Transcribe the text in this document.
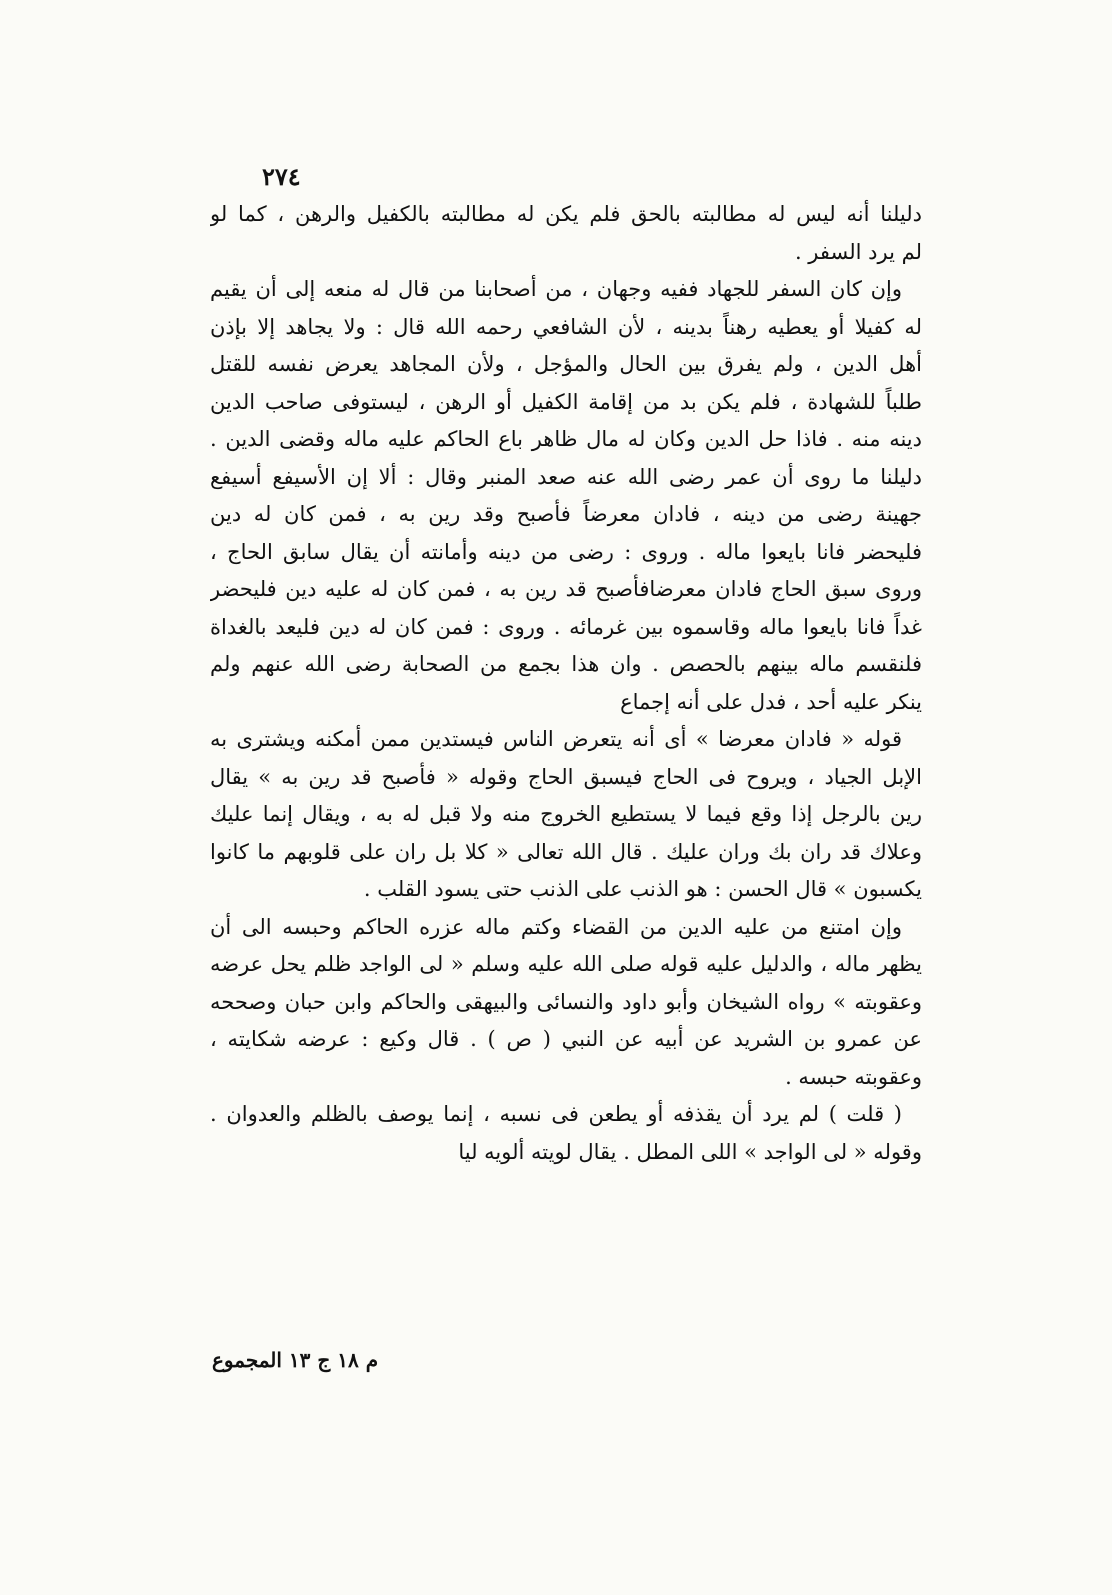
٢٧٤
دليلنا أنه ليس له مطالبته بالحق فلم يكن له مطالبته بالكفيل والرهن ، كما لو
لم يرد السفر .
وإن كان السفر للجهاد ففيه وجهان ، من أصحابنا من قال له منعه إلى أن يقيم
له كفيلا أو يعطيه رهناً بدينه ، لأن الشافعي رحمه الله قال : ولا يجاهد إلا بإذن
أهل الدين ، ولم يفرق بين الحال والمؤجل ، ولأن المجاهد يعرض نفسه للقتل
طلباً للشهادة ، فلم يكن بد من إقامة الكفيل أو الرهن ، ليستوفى صاحب الدين
دينه منه . فاذا حل الدين وكان له مال ظاهر باع الحاكم عليه ماله وقضى الدين .
دليلنا ما روى أن عمر رضى الله عنه صعد المنبر وقال : ألا إن الأسيفع أسيفع
جهينة رضى من دينه ، فادان معرضاً فأصبح وقد رين به ، فمن كان له دين
فليحضر فانا بايعوا ماله . وروى : رضى من دينه وأمانته أن يقال سابق الحاج ،
وروى سبق الحاج فادان معرضافأصبح قد رين به ، فمن كان له عليه دين فليحضر
غداً فانا بايعوا ماله وقاسموه بين غرمائه . وروى : فمن كان له دين فليعد بالغداة
فلنقسم ماله بينهم بالحصص . وان هذا بجمع من الصحابة رضى الله عنهم ولم
ينكر عليه أحد ، فدل على أنه إجماع
قوله « فادان معرضا » أى أنه يتعرض الناس فيستدين ممن أمكنه ويشترى به
الإبل الجياد ، ويروح فى الحاج فيسبق الحاج وقوله « فأصبح قد رين به » يقال
رين بالرجل إذا وقع فيما لا يستطيع الخروج منه ولا قبل له به ، ويقال إنما عليك
وعلاك قد ران بك وران عليك . قال الله تعالى « كلا بل ران على قلوبهم ما كانوا
يكسبون » قال الحسن : هو الذنب على الذنب حتى يسود القلب .
وإن امتنع من عليه الدين من القضاء وكتم ماله عزره الحاكم وحبسه الى أن
يظهر ماله ، والدليل عليه قوله صلى الله عليه وسلم « لى الواجد ظلم يحل عرضه
وعقوبته » رواه الشيخان وأبو داود والنسائى والبيهقى والحاكم وابن حبان وصححه
عن عمرو بن الشريد عن أبيه عن النبي ( ص ) . قال وكيع : عرضه شكايته ،
وعقوبته حبسه .
( قلت ) لم يرد أن يقذفه أو يطعن فى نسبه ، إنما يوصف بالظلم والعدوان .
وقوله « لى الواجد » اللى المطل . يقال لويته ألويه ليا
م ١٨ ج ١٣ المجموع
